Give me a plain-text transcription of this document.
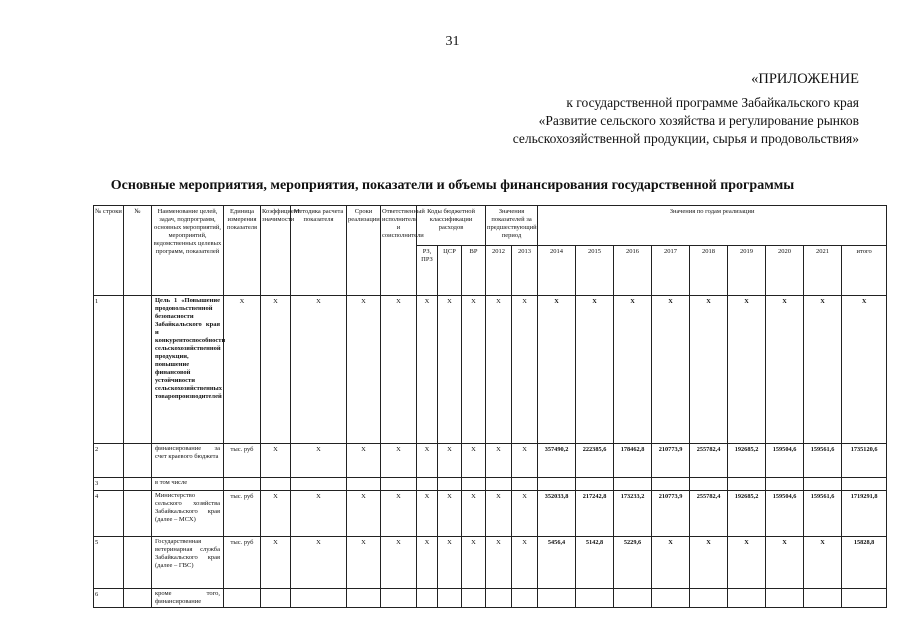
31
«ПРИЛОЖЕНИЕ
к государственной программе Забайкальского края
«Развитие сельского хозяйства и регулирование рынков
сельскохозяйственной продукции, сырья и продовольствия»
Основные мероприятия, мероприятия, показатели и объемы финансирования государственной программы
№ строки	№	Наименование целей, задач, подпрограмм, основных мероприятий, мероприятий, ведомственных целевых программ, показателей	Единица измерения показателя	Коэффициент значимости	Методика расчета показателя	Сроки реализации	Ответственный исполнитель и соисполнители	Коды бюджетной классификации расходов			Значения показателей за предшествующий период		Значения по годам реализации								
								РЗ, ПРЗ	ЦСР	ВР	2012	2013	2014	2015	2016	2017	2018	2019	2020	2021	итого
1		Цель 1 «Повышение продовольственной безопасности Забайкальского края и конкурентоспособности сельскохозяйственной продукции, повышение финансовой устойчивости сельскохозяйственных товаропроизводителей	X	X	X	X	X	X	X	X	X	X	X	X	X	X	X	X	X	X	X
2		финансирование за счет краевого бюджета	тыс. руб	X	X	X	X	X	X	X	X	X	357490,2	222385,6	178462,8	210773,9	255782,4	192685,2	159504,6	159561,6	1735120,6
3		в том числе																			
4		Министерство сельского хозяйства Забайкальского края (далее – МСХ)	тыс. руб	X	X	X	X	X	X	X	X	X	352033,8	217242,8	173233,2	210773,9	255782,4	192685,2	159504,6	159561,6	1719291,8
5		Государственная ветеринарная служба Забайкальского края (далее – ГВС)	тыс. руб	X	X	X	X	X	X	X	X	X	5456,4	5142,8	5229,6	X	X	X	X	X	15828,8
6		кроме того, финансирование																			
